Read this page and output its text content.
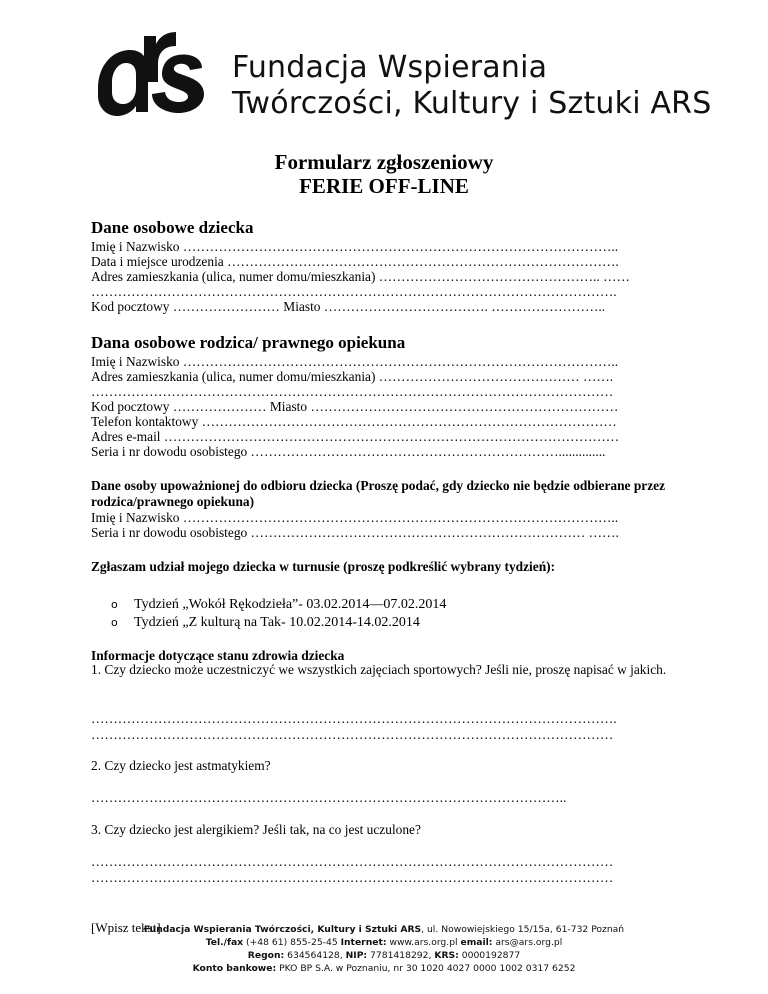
Fundacja Wspierania
Twórczości, Kultury i Sztuki ARS
Formularz zgłoszeniowy
FERIE OFF-LINE
Dane osobowe dziecka
Imię i Nazwisko ……………………………………………………………………………………..
Data i miejsce urodzenia …………………………………………………………………………….
Adres zamieszkania (ulica, numer domu/mieszkania) ………………………………………….. ……
……………………………………………………………………………………………………….
Kod pocztowy …………………… Miasto ………………………………. ……………………..
Dana osobowe rodzica/ prawnego opiekuna
Imię i Nazwisko ……………………………………………………………………………………..
Adres zamieszkania (ulica, numer domu/mieszkania) ……………………………………… …….
………………………………………………………………………………………………………
Kod pocztowy ………………… Miasto ……………………………………………………………
Telefon kontaktowy …………………………………………………………………………………
Adres e-mail …………………………………………………………………………………………
Seria i nr dowodu osobistego ……………………………………………………………..............
Dane osoby upoważnionej do odbioru dziecka (Proszę podać, gdy dziecko nie będzie odbierane przez rodzica/prawnego opiekuna)
Imię i Nazwisko ……………………………………………………………………………………..
Seria i nr dowodu osobistego ………………………………………………………………… …….
Zgłaszam udział mojego dziecka w turnusie (proszę podkreślić wybrany tydzień):
o Tydzień „Wokół Rękodzieła”- 03.02.2014—07.02.2014
o Tydzień „Z kulturą na Tak- 10.02.2014-14.02.2014
Informacje dotyczące stanu zdrowia dziecka
1. Czy dziecko może uczestniczyć we wszystkich zajęciach sportowych? Jeśli nie, proszę napisać w jakich.
……………………………………………………………………………………………………….
………………………………………………………………………………………………………
2. Czy dziecko jest astmatykiem?
……………………………………………………………………………………………..
3. Czy dziecko jest alergikiem? Jeśli tak, na co jest uczulone?
………………………………………………………………………………………………………
………………………………………………………………………………………………………
[Wpisz tekst]
Fundacja Wspierania Twórczości, Kultury i Sztuki ARS, ul. Nowowiejskiego 15/15a, 61-732 Poznań
Tel./fax (+48 61) 855-25-45 Internet: www.ars.org.pl email: ars@ars.org.pl
Regon: 634564128, NIP: 7781418292, KRS: 0000192877
Konto bankowe: PKO BP S.A. w Poznaniu, nr 30 1020 4027 0000 1002 0317 6252
